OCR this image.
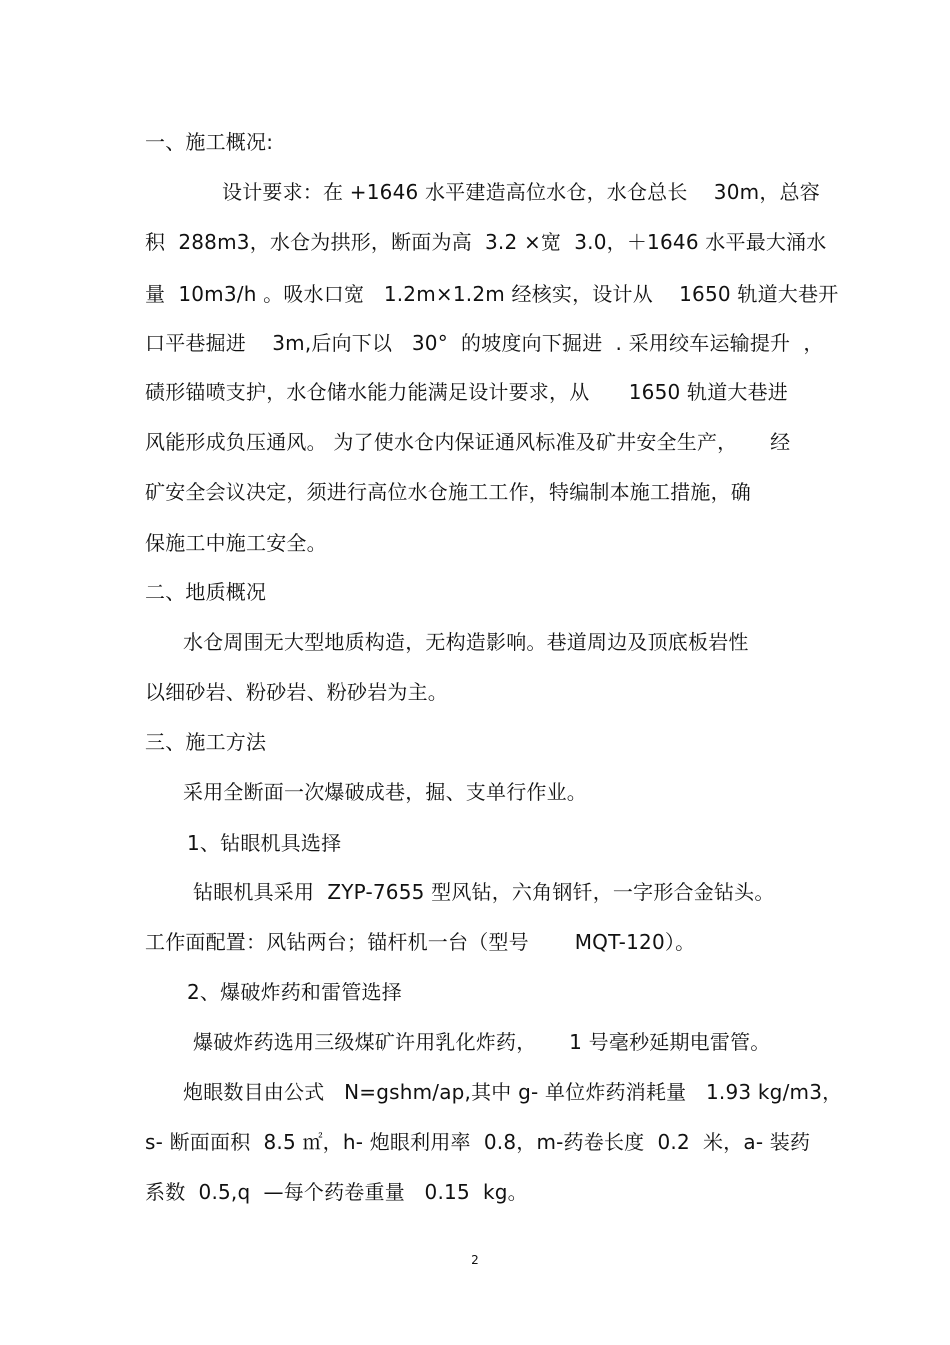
一、施工概况:
设计要求：在 +1646 水平建造高位水仓，水仓总长    30m，总容
积  288m3，水仓为拱形，断面为高  3.2 ×宽  3.0，＋1646 水平最大涌水
量  10m3/h 。吸水口宽   1.2m×1.2m 经核实，设计从    1650 轨道大巷开
口平巷掘进    3m,后向下以   30°  的坡度向下掘进  . 采用绞车运输提升  ，
碛形锚喷支护，水仓储水能力能满足设计要求，从      1650 轨道大巷进
风能形成负压通风。 为了使水仓内保证通风标准及矿井安全生产，     经
矿安全会议决定，须进行高位水仓施工工作，特编制本施工措施，确
保施工中施工安全。
二、地质概况
水仓周围无大型地质构造，无构造影响。巷道周边及顶底板岩性
以细砂岩、粉砂岩、粉砂岩为主。
三、施工方法
采用全断面一次爆破成巷，掘、支单行作业。
1、钻眼机具选择
钻眼机具采用  ZYP-7655 型风钻，六角钢钎，一字形合金钻头。
工作面配置：风钻两台；锚杆机一台（型号       MQT-120）。
2、爆破炸药和雷管选择
爆破炸药选用三级煤矿许用乳化炸药，     1 号毫秒延期电雷管。
炮眼数目由公式   N=gshm/ap,其中 g- 单位炸药消耗量   1.93 kg/m3，
s- 断面面积  8.5 ㎡，h- 炮眼利用率  0.8，m-药卷长度  0.2  米，a- 装药
系数  0.5,q  —每个药卷重量   0.15  kg。
2
